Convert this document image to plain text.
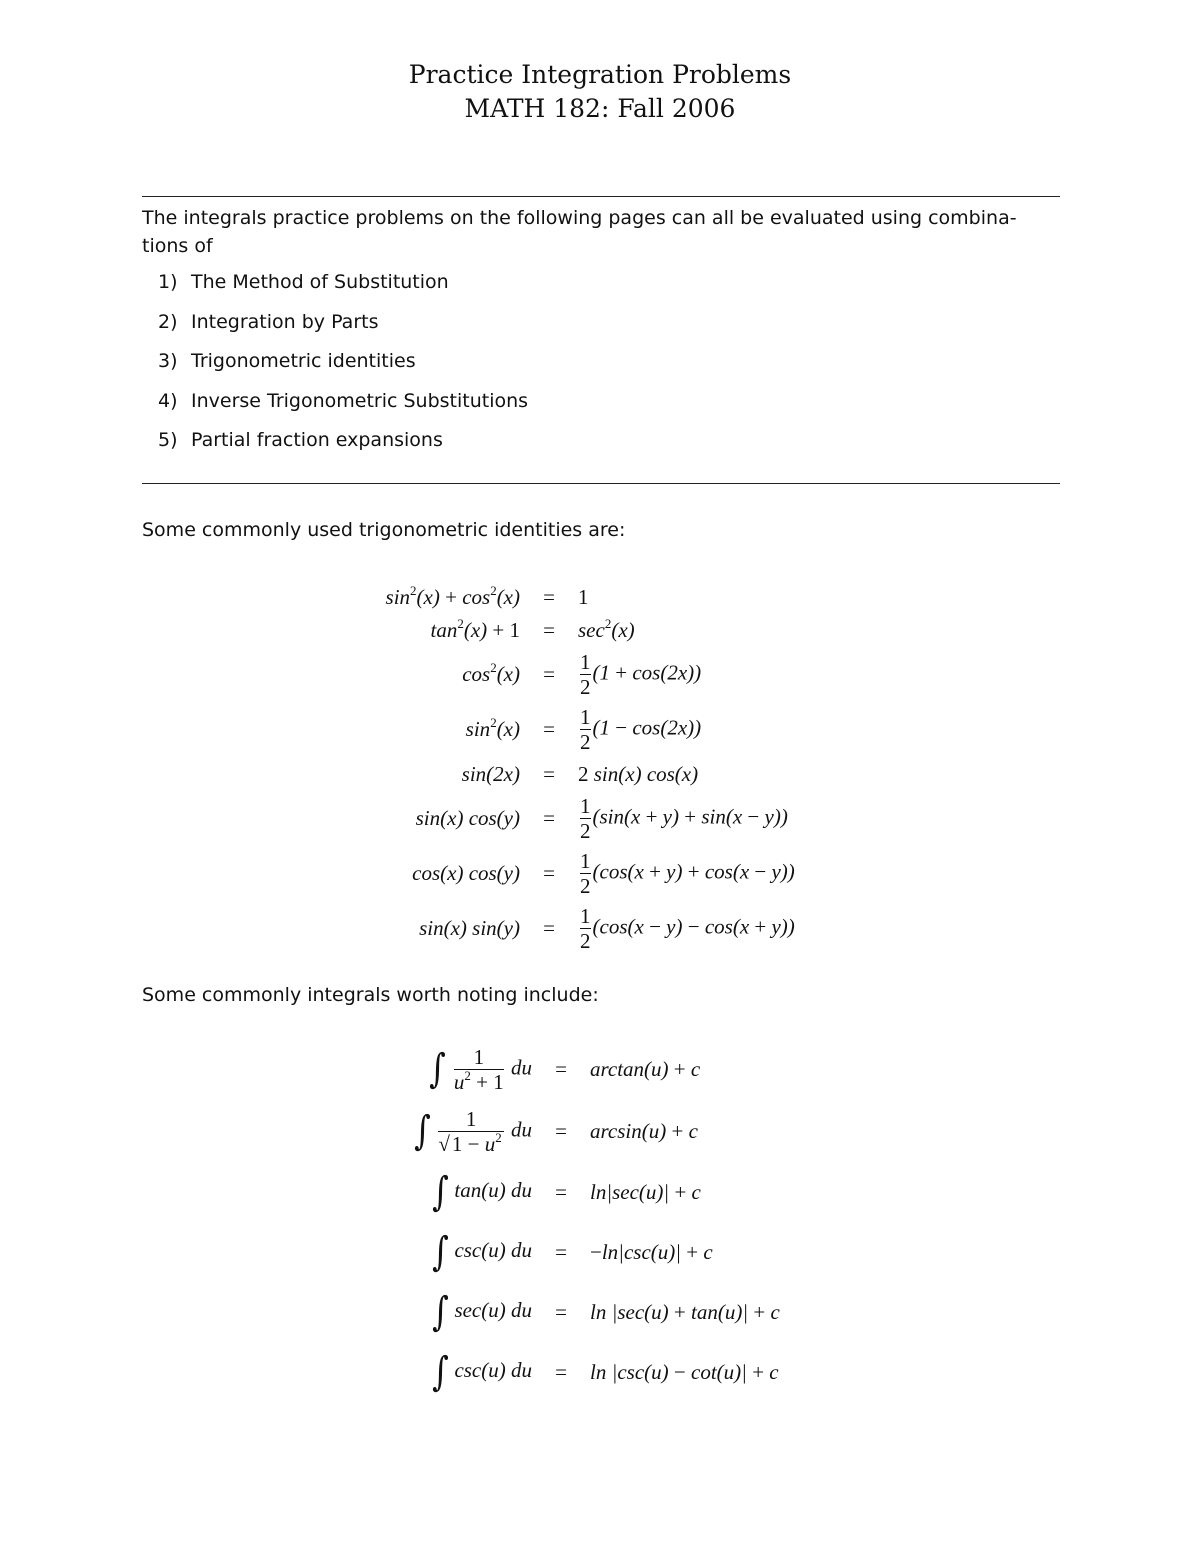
Practice Integration Problems
MATH 182: Fall 2006
The integrals practice problems on the following pages can all be evaluated using combina- tions of
1) The Method of Substitution
2) Integration by Parts
3) Trigonometric identities
4) Inverse Trigonometric Substitutions
5) Partial fraction expansions
Some commonly used trigonometric identities are:
$\sin^2(x) + \cos^2(x)$	=	1
$\tan^2(x) + 1$	=	$\sec^2(x)$
$\cos^2(x)$	=	$\frac{1}{2} (1 + \cos(2x))$
$\sin^2(x)$	=	$\frac{1}{2} (1 - \cos(2x))$
sin(2x)	=	2 sin(x) cos(x)
sin(x) cos(y)	=	$\frac{1}{2} (\sin(x + y) + \sin(x - y))$
cos(x) cos(y)	=	$\frac{1}{2} (\cos(x + y) + \cos(x - y))$
sin(x) sin(y)	=	$\frac{1}{2} (\cos(x - y) - \cos(x + y))$
Some commonly integrals worth noting include:
∫ $\frac{1}{u^2 + 1}$ du	=	arctan(u) + c
∫ $\frac{1}{√1 - u^2}$ du	=	arcsin(u) + c
∫ tan(u) du	=	ln|sec(u)| + c
∫ csc(u) du	=	−ln|csc(u)| + c
∫ sec(u) du	=	ln |sec(u) + tan(u)| + c
∫ csc(u) du	=	ln |csc(u) − cot(u)| + c
